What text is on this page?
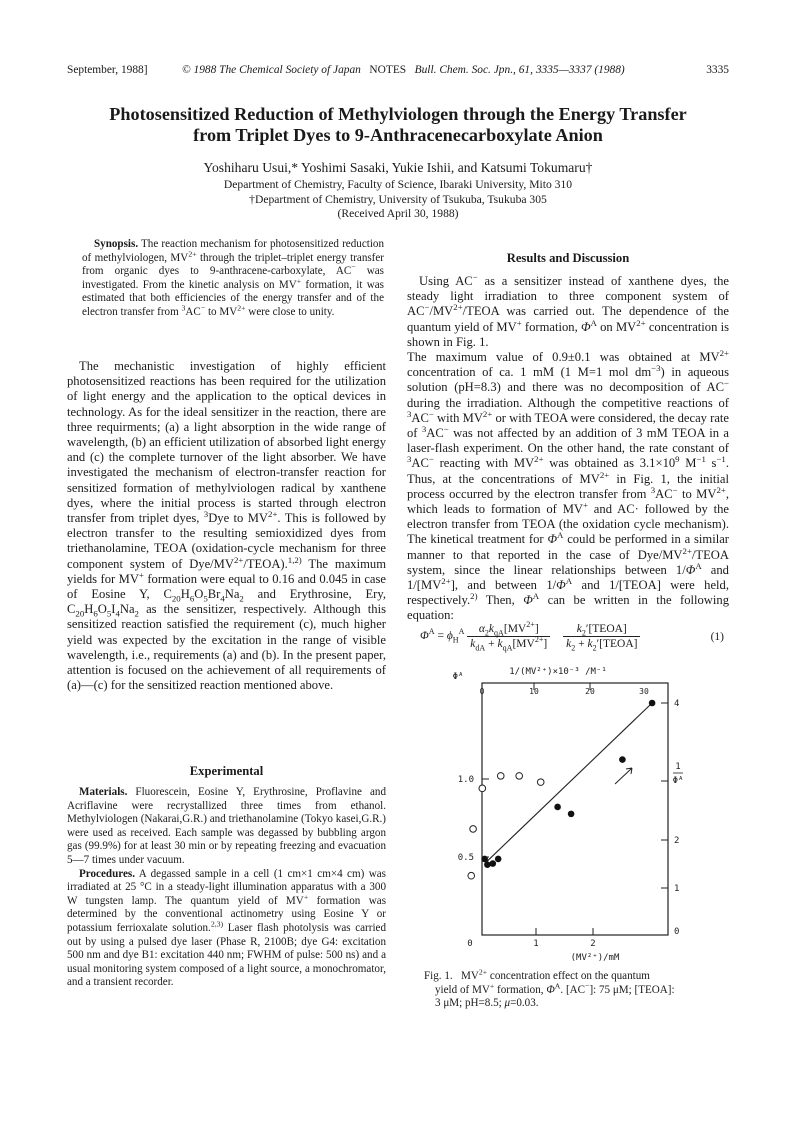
September, 1988]	© 1988 The Chemical Society of Japan NOTES Bull. Chem. Soc. Jpn., 61, 3335—3337 (1988)	3335
Photosensitized Reduction of Methylviologen through the Energy Transfer
from Triplet Dyes to 9-Anthracenecarboxylate Anion
Yoshiharu Usui,* Yoshimi Sasaki, Yukie Ishii, and Katsumi Tokumaru†
Department of Chemistry, Faculty of Science, Ibaraki University, Mito 310
†Department of Chemistry, University of Tsukuba, Tsukuba 305
(Received April 30, 1988)

Synopsis. The reaction mechanism for photosensitized reduction of methylviologen, $MV^{2+}$ through the triplet–triplet energy transfer from organic dyes to 9-anthracene-carboxylate, AC− was investigated. From the kinetic analysis on MV+ formation, it was estimated that both efficiencies of the energy transfer and of the electron transfer from $^3$AC− to $MV^{2+}$ were close to unity.

The mechanistic investigation of highly efficient photosensitized reactions has been required for the utilization of light energy and the application to the optical devices in technology. As for the ideal sensitizer in the reaction, there are three requirments; (a) a light absorption in the wide range of wavelength, (b) an efficient utilization of absorbed light energy and (c) the complete turnover of the light absorber. We have investigated the mechanism of electron-transfer reaction for sensitized formation of methylviologen radical by xanthene dyes, where the initial process is started through electron transfer from triplet dyes, $^3$Dye to $MV^{2+}$. This is followed by electron transfer to the resulting semioxidized dyes from triethanolamine, TEOA (oxidation-cycle mechanism for three component system of Dye/$MV^{2+}/TEOA).^{1,2)}$ The maximum yields for MV+ formation were equal to 0.16 and 0.045 in case of Eosine Y, $C_{20}H_6O_5Br_4Na_2$ and Erythrosine, Ery, $C_{20}H_6O_5I_4Na_2$ as the sensitizer, respectively. Although this sensitized reaction satisfied the requirement (c), much higher yield was expected by the excitation in the range of visible wavelength, i.e., requirements (a) and (b). In the present paper, attention is focused on the achievement of all requirements of (a)—(c) for the sensitized reaction mentioned above.

Experimental

Materials. Fluorescein, Eosine Y, Erythrosine, Proflavine and Acriflavine were recrystallized three times from ethanol. Methylviologen (Nakarai,G.R.) and triethanolamine (Tokyo kasei,G.R.) were used as received. Each sample was degassed by bubbling argon gas (99.9%) for at least 30 min or by repeating freezing and evacuation 5—7 times under vacuum.

Procedures. A degassed sample in a cell (1 cm×1 cm×4 cm) was irradiated at 25 °C in a steady-light illumination apparatus with a 300 W tungsten lamp. The quantum yield of MV+ formation was determined by the conventional actinometry using Eosine Y or potassium ferrioxalate solution.$^{2,3)}$ Laser flash photolysis was carried out by using a pulsed dye laser (Phase R, 2100B; dye G4: excitation 500 nm and dye B1: excitation 440 nm; FWHM of pulse: 500 ns) and a usual monitoring system composed of a light source, a monochromator, and a transient recorder.

Results and Discussion

Using AC− as a sensitizer instead of xanthene dyes, the steady light irradiation to three component system of $AC^-/MV^{2+}$/TEOA was carried out. The dependence of the quantum yield of MV+ formation, $\Phi^A$ on $MV^{2+}$ concentration is shown in Fig. 1.

The maximum value of 0.9±0.1 was obtained at $MV^{2+}$ concentration of ca. 1 mM (1 M=1 mol $dm^{-3}$) in aqueous solution (pH=8.3) and there was no decomposition of AC− during the irradiation. Although the competitive reactions of $^3$AC− with $MV^{2+}$ or with TEOA were considered, the decay rate of $^3$AC− was not affected by an addition of 3 mM TEOA in a laser-flash experiment. On the other hand, the rate constant of $^3$AC− reacting with $MV^{2+}$ was obtained as $3.1\times 10^9$ $M^{-1}$ $s^{-1}$. Thus, at the concentrations of $MV^{2+}$ in Fig. 1, the initial process occurred by the electron transfer from $^3$AC− to $MV^{2+}$, which leads to formation of MV+ and AC· followed by the electron transfer from TEOA (the oxidation cycle mechanism). The kinetical treatment for $\Phi^A$ could be performed in a similar manner to that reported in the case of Dye/$MV^{2+}$/TEOA system, since the linear relationships between $1/\Phi^A$ and $1/[MV^{2+}]$, and between $1/\Phi^A$ and 1/[TEOA] were held, respectively.$^{2)}$ Then, $\Phi^A$ can be written in the following equation:

$\Phi^A = \phi_H^A \frac{\alpha_2k_{qA}[MV^{2+}]}{k_{dA} + k_{qA}[MV^{2+}]}$
$\frac{k_2'[TEOA]}{k_2 + k_2'[TEOA]}$	(1)
1/(MV²⁺)×10⁻³ /M⁻¹
Φᴬ
1
Φᴬ
(MV²⁺)/mM
1.0
0.5
0	1	2
0	10	20	30
4
2
1
0
Fig. 1.   $MV^{2+}$ concentration effect on the quantum
yield of MV+ formation, $\Phi^A$. [AC−]: 75 μM; [TEOA]:
3 μM; pH=8.5; μ=0.03.
